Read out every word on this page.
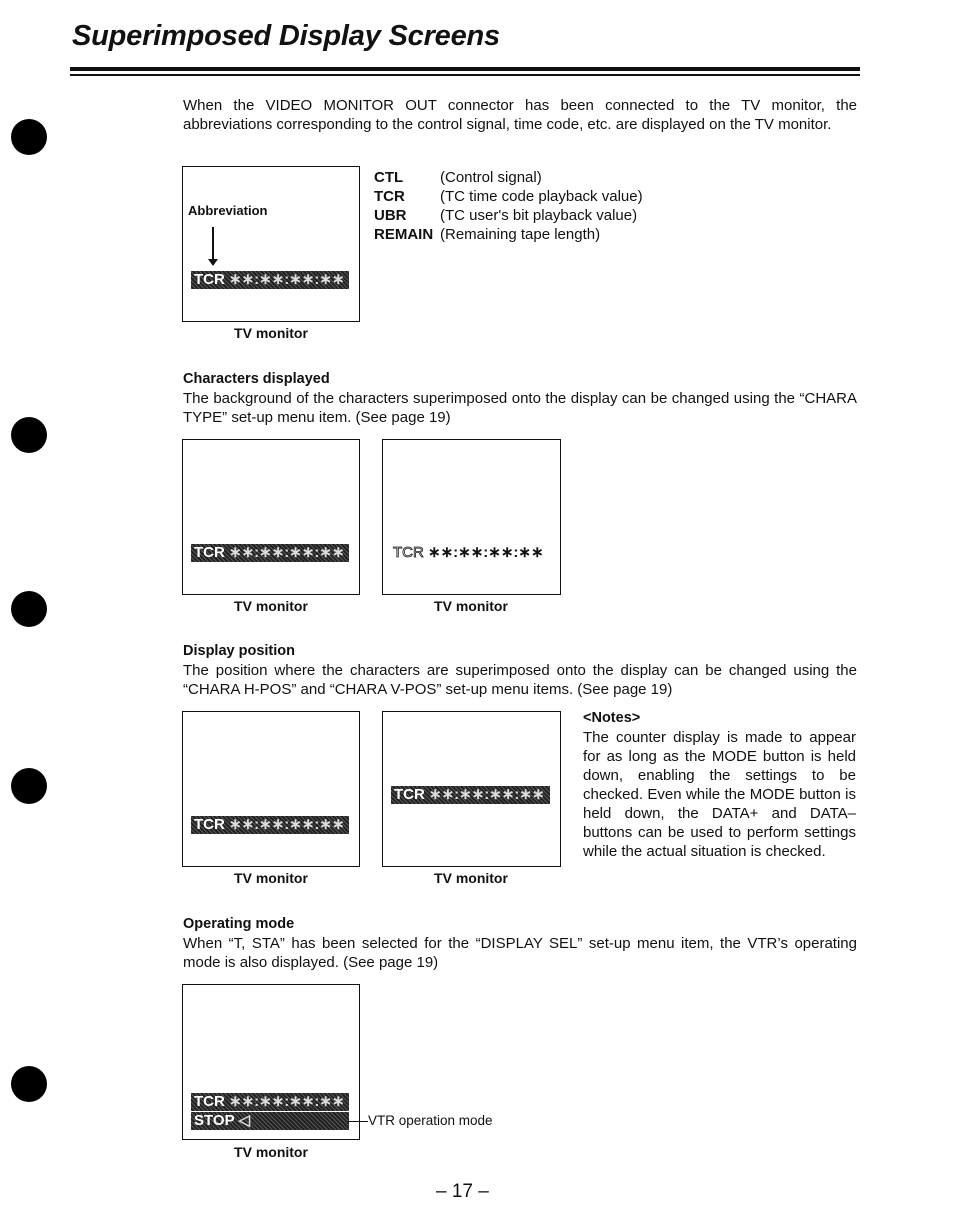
Superimposed Display Screens
When the VIDEO MONITOR OUT connector has been connected to the TV monitor, the abbreviations corresponding to the control signal, time code, etc. are displayed on the TV monitor.
Abbreviation
TCR ∗∗:∗∗:∗∗:∗∗
TV monitor
CTL	(Control signal)
TCR	(TC time code playback value)
UBR	(TC user's bit playback value)
REMAIN	(Remaining tape length)
Characters displayed
The background of the characters superimposed onto the display can be changed using the “CHARA TYPE” set-up menu item. (See page 19)
TCR ∗∗:∗∗:∗∗:∗∗
TV monitor
TCR ∗∗:∗∗:∗∗:∗∗
TV monitor
Display position
The position where the characters are superimposed onto the display can be changed using the “CHARA H-POS” and “CHARA V-POS” set-up menu items. (See page 19)
TCR ∗∗:∗∗:∗∗:∗∗
TV monitor
TCR ∗∗:∗∗:∗∗:∗∗
TV monitor
<Notes>
The counter display is made to appear for as long as the MODE button is held down, enabling the settings to be checked. Even while the MODE button is held down, the DATA+ and DATA– buttons can be used to perform settings while the actual situation is checked.
Operating mode
When “T, STA” has been selected for the “DISPLAY SEL” set-up menu item, the VTR’s operating mode is also displayed. (See page 19)
TCR ∗∗:∗∗:∗∗:∗∗
STOP ◁	VTR operation mode
TV monitor
– 17 –
